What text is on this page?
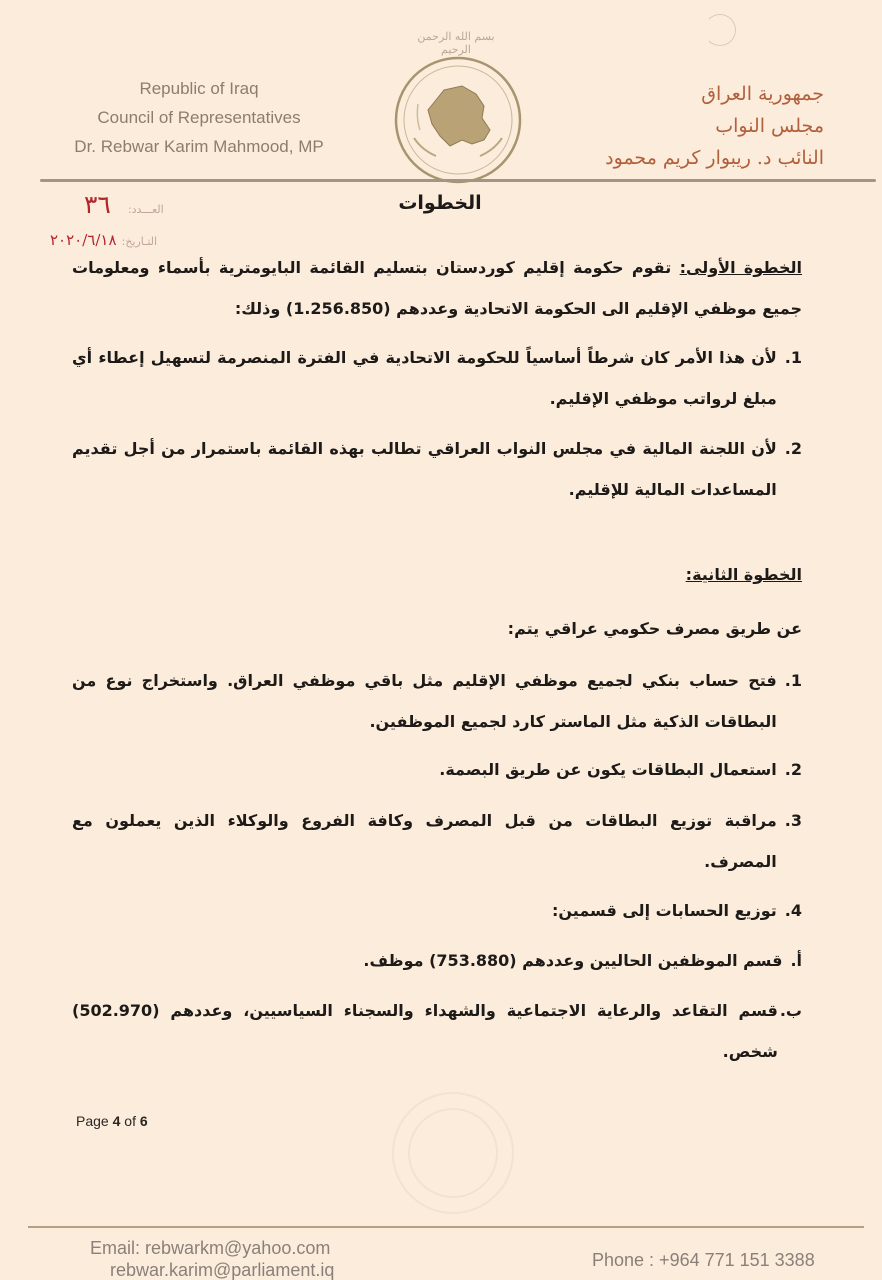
Republic of Iraq
Council of Representatives
Dr. Rebwar Karim Mahmood, MP
بسم الله الرحمن الرحيم
جمهورية العراق
مجلس النواب
النائب د. ريبوار كريم محمود
العـــدد: ٣٦
التـاريخ: ٢٠٢٠/٦/١٨
الخطوات
الخطوة الأولى: تقوم حكومة إقليم كوردستان بتسليم القائمة البايومترية بأسماء ومعلومات جميع موظفي الإقليم الى الحكومة الاتحادية وعددهم (1.256.850) وذلك:
1.
لأن هذا الأمر كان شرطاً أساسياً للحكومة الاتحادية في الفترة المنصرمة لتسهيل إعطاء أي مبلغ لرواتب موظفي الإقليم.
2.
لأن اللجنة المالية في مجلس النواب العراقي تطالب بهذه القائمة باستمرار من أجل تقديم المساعدات المالية للإقليم.
الخطوة الثانية:
عن طريق مصرف حكومي عراقي يتم:
1.
فتح حساب بنكي لجميع موظفي الإقليم مثل باقي موظفي العراق. واستخراج نوع من البطاقات الذكية مثل الماستر كارد لجميع الموظفين.
2.
استعمال البطاقات يكون عن طريق البصمة.
3.
مراقبة توزيع البطاقات من قبل المصرف وكافة الفروع والوكلاء الذين يعملون مع المصرف.
4.
توزيع الحسابات إلى قسمين:
أ.
قسم الموظفين الحاليين وعددهم (753.880) موظف.
ب.
قسم التقاعد والرعاية الاجتماعية والشهداء والسجناء السياسيين، وعددهم (502.970) شخص.
Page 4 of 6
Email: rebwarkm@yahoo.com
rebwar.karim@parliament.iq	Phone : +964 771 151 3388
